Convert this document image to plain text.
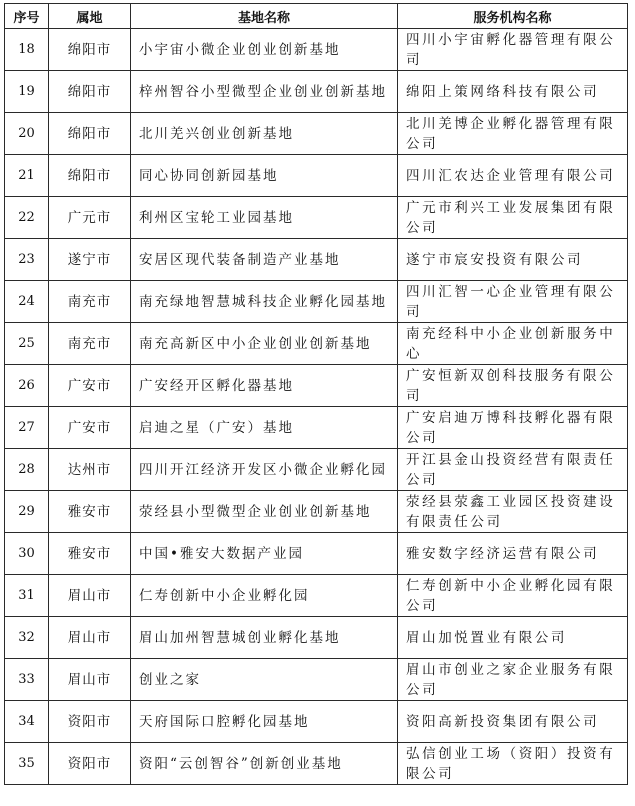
序号	属地	基地名称	服务机构名称
18	绵阳市	小宇宙小微企业创业创新基地	四川小宇宙孵化器管理有限公司
19	绵阳市	梓州智谷小型微型企业创业创新基地	绵阳上策网络科技有限公司
20	绵阳市	北川羌兴创业创新基地	北川羌博企业孵化器管理有限公司
21	绵阳市	同心协同创新园基地	四川汇农达企业管理有限公司
22	广元市	利州区宝轮工业园基地	广元市利兴工业发展集团有限公司
23	遂宁市	安居区现代装备制造产业基地	遂宁市宸安投资有限公司
24	南充市	南充绿地智慧城科技企业孵化园基地	四川汇智一心企业管理有限公司
25	南充市	南充高新区中小企业创业创新基地	南充经科中小企业创新服务中心
26	广安市	广安经开区孵化器基地	广安恒新双创科技服务有限公司
27	广安市	启迪之星（广安）基地	广安启迪万博科技孵化器有限公司
28	达州市	四川开江经济开发区小微企业孵化园	开江县金山投资经营有限责任公司
29	雅安市	荥经县小型微型企业创业创新基地	荥经县荥鑫工业园区投资建设有限责任公司
30	雅安市	中国•雅安大数据产业园	雅安数字经济运营有限公司
31	眉山市	仁寿创新中小企业孵化园	仁寿创新中小企业孵化园有限公司
32	眉山市	眉山加州智慧城创业孵化基地	眉山加悦置业有限公司
33	眉山市	创业之家	眉山市创业之家企业服务有限公司
34	资阳市	天府国际口腔孵化园基地	资阳高新投资集团有限公司
35	资阳市	资阳“云创智谷”创新创业基地	弘信创业工场（资阳）投资有限公司
